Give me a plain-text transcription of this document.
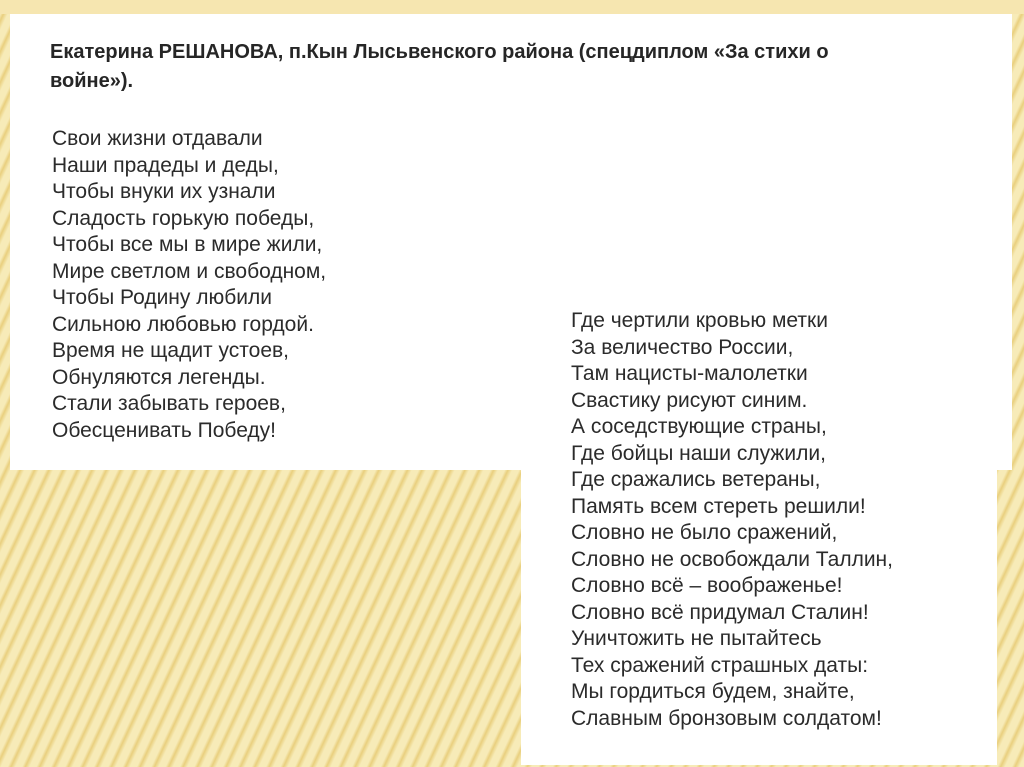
Екатерина РЕШАНОВА, п.Кын Лысьвенского района (спецдиплом «За стихи о
войне»).
Свои жизни отдавали
Наши прадеды и деды,
Чтобы внуки их узнали
Сладость горькую победы,
Чтобы все мы в мире жили,
Мире светлом и свободном,
Чтобы Родину любили
Сильною любовью гордой.
Время не щадит устоев,
Обнуляются легенды.
Стали забывать героев,
Обесценивать Победу!
Где чертили кровью метки
За величество России,
Там нацисты-малолетки
Свастику рисуют синим.
А соседствующие страны,
Где бойцы наши служили,
Где сражались ветераны,
Память всем стереть решили!
Словно не было сражений,
Словно не освобождали Таллин,
Словно всё – воображенье!
Словно всё придумал Сталин!
Уничтожить не пытайтесь
Тех сражений страшных даты:
Мы гордиться будем, знайте,
Славным бронзовым солдатом!
